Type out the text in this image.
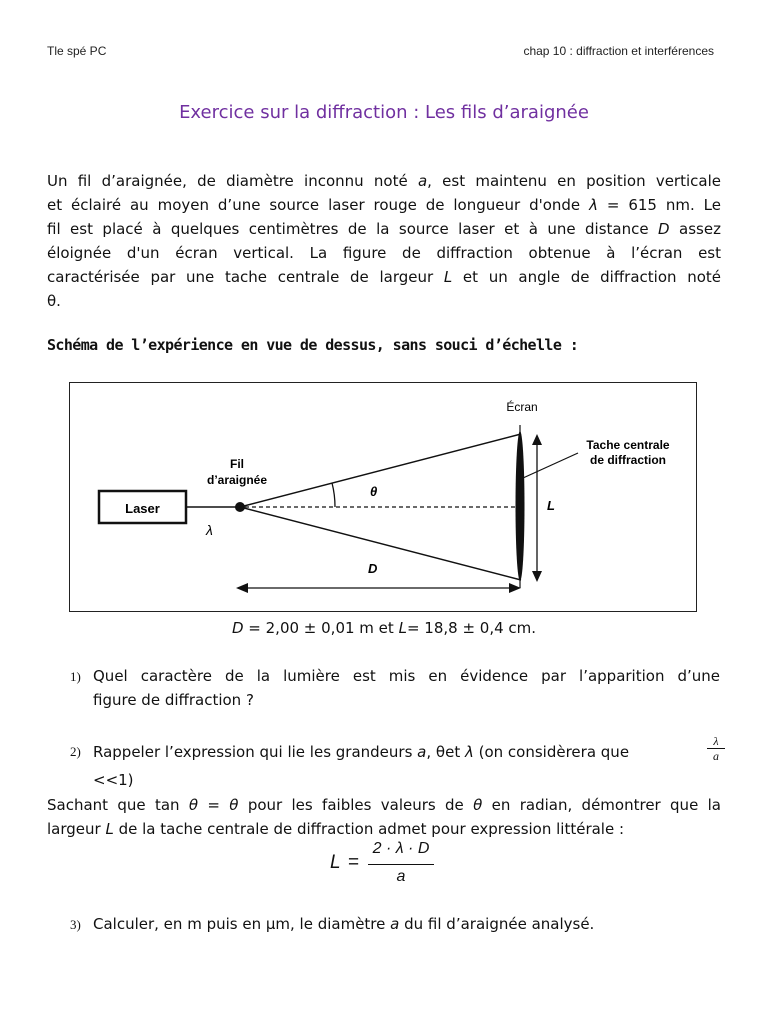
Tle spé PC	chap 10 : diffraction et interférences
Exercice sur la diffraction : Les fils d’araignée
Un fil d’araignée, de diamètre inconnu noté a, est maintenu en position verticale
et éclairé au moyen d’une source laser rouge de longueur d'onde λ = 615 nm. Le
fil est placé à quelques centimètres de la source laser et à une distance D assez
éloignée d'un écran vertical. La figure de diffraction obtenue à l’écran est
caractérisée par une tache centrale de largeur L et un angle de diffraction noté
θ.
Schéma de l’expérience en vue de dessus, sans souci d’échelle :
Laser
Fil
d’araignée
λ
θ
Écran
Tache centrale
de diffraction
L
D
D = 2,00 ± 0,01 m et L= 18,8 ± 0,4 cm.
1) Quel caractère de la lumière est mis en évidence par l’apparition d’une
figure de diffraction ?
2) Rappeler l’expression qui lie les grandeurs a, θet λ (on considèrera que	$\frac{\lambda}{a}$
<<1)
Sachant que tan θ = θ pour les faibles valeurs de θ en radian, démontrer que la
largeur L de la tache centrale de diffraction admet pour expression littérale :
L =
2 · λ · D
a
3) Calculer, en m puis en μm, le diamètre a du fil d’araignée analysé.
